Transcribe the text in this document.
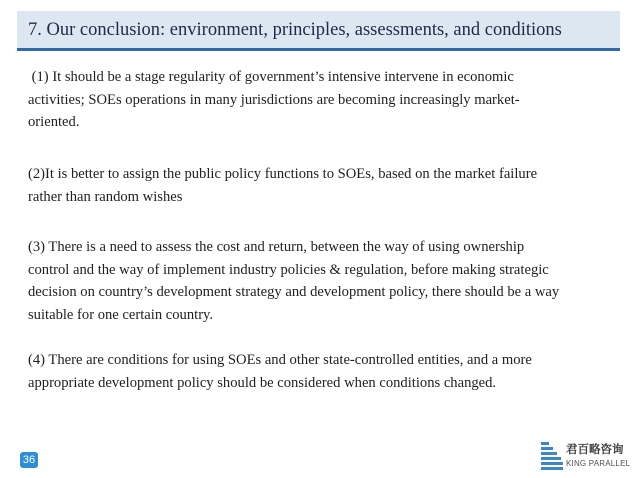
7. Our conclusion: environment, principles, assessments, and conditions

(1) It should be a stage regularity of government’s intensive intervene in economic
activities; SOEs operations in many jurisdictions are becoming increasingly market-
oriented.

(2)It is better to assign the public policy functions to SOEs, based on the market failure
rather than random wishes

(3) There is a need to assess the cost and return, between the way of using ownership
control and the way of implement industry policies & regulation, before making strategic
decision on country’s development strategy and development policy, there should be a way
suitable for one certain country.

(4) There are conditions for using SOEs and other state-controlled entities, and a more
appropriate development policy should be considered when conditions changed.

36
君百略咨询
KING PARALLEL
